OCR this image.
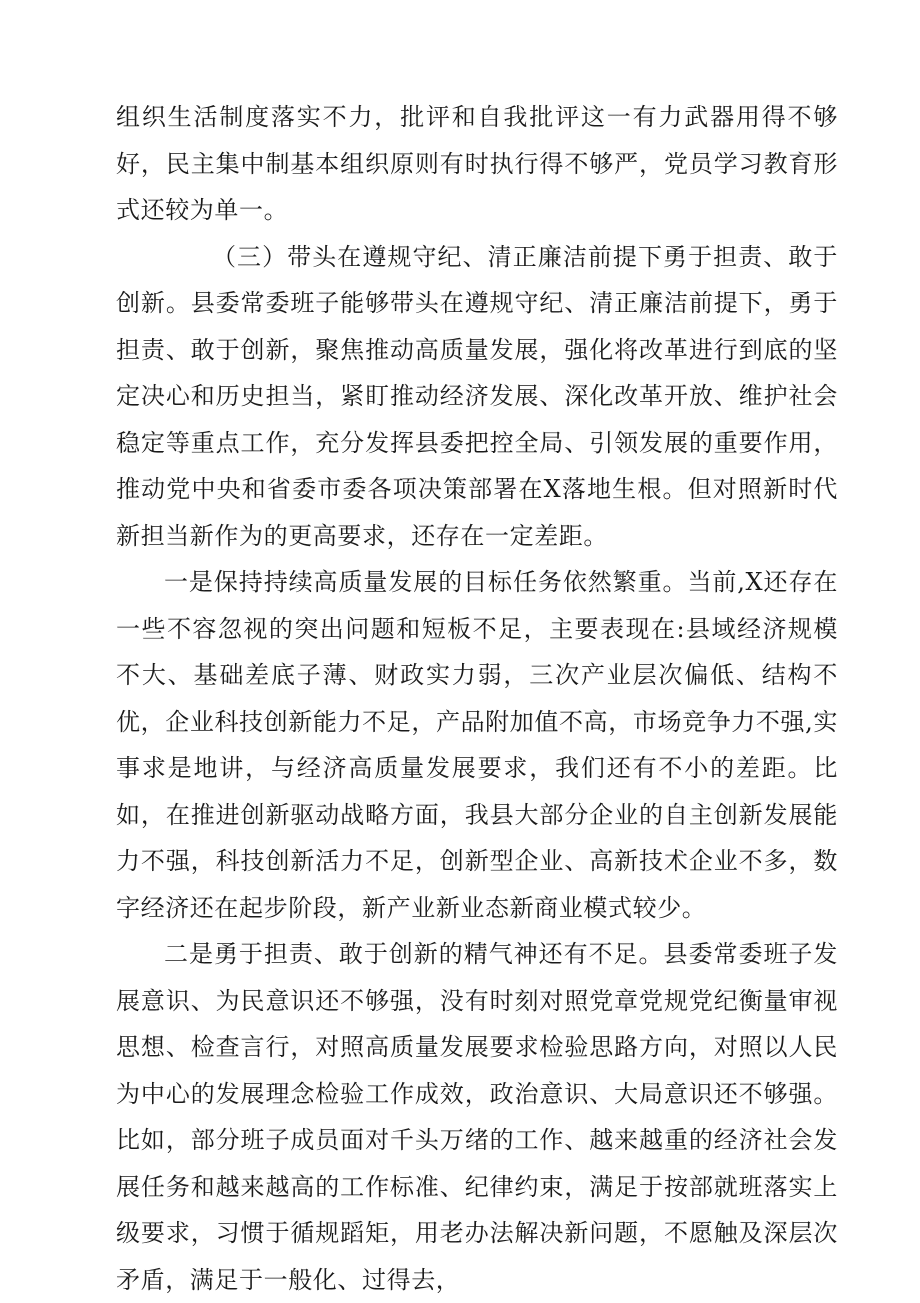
组织生活制度落实不力，批评和自我批评这一有力武器用得不够好，民主集中制基本组织原则有时执行得不够严，党员学习教育形式还较为单一。

（三）带头在遵规守纪、清正廉洁前提下勇于担责、敢于创新。县委常委班子能够带头在遵规守纪、清正廉洁前提下，勇于担责、敢于创新，聚焦推动高质量发展，强化将改革进行到底的坚定决心和历史担当，紧盯推动经济发展、深化改革开放、维护社会稳定等重点工作，充分发挥县委把控全局、引领发展的重要作用，推动党中央和省委市委各项决策部署在X落地生根。但对照新时代新担当新作为的更高要求，还存在一定差距。

一是保持持续高质量发展的目标任务依然繁重。当前,X还存在一些不容忽视的突出问题和短板不足，主要表现在:县域经济规模不大、基础差底子薄、财政实力弱，三次产业层次偏低、结构不优，企业科技创新能力不足，产品附加值不高，市场竞争力不强,实事求是地讲，与经济高质量发展要求，我们还有不小的差距。比如，在推进创新驱动战略方面，我县大部分企业的自主创新发展能力不强，科技创新活力不足，创新型企业、高新技术企业不多，数字经济还在起步阶段，新产业新业态新商业模式较少。

二是勇于担责、敢于创新的精气神还有不足。县委常委班子发展意识、为民意识还不够强，没有时刻对照党章党规党纪衡量审视思想、检查言行，对照高质量发展要求检验思路方向，对照以人民为中心的发展理念检验工作成效，政治意识、大局意识还不够强。比如，部分班子成员面对千头万绪的工作、越来越重的经济社会发展任务和越来越高的工作标准、纪律约束，满足于按部就班落实上级要求，习惯于循规蹈矩，用老办法解决新问题，不愿触及深层次矛盾，满足于一般化、过得去，
